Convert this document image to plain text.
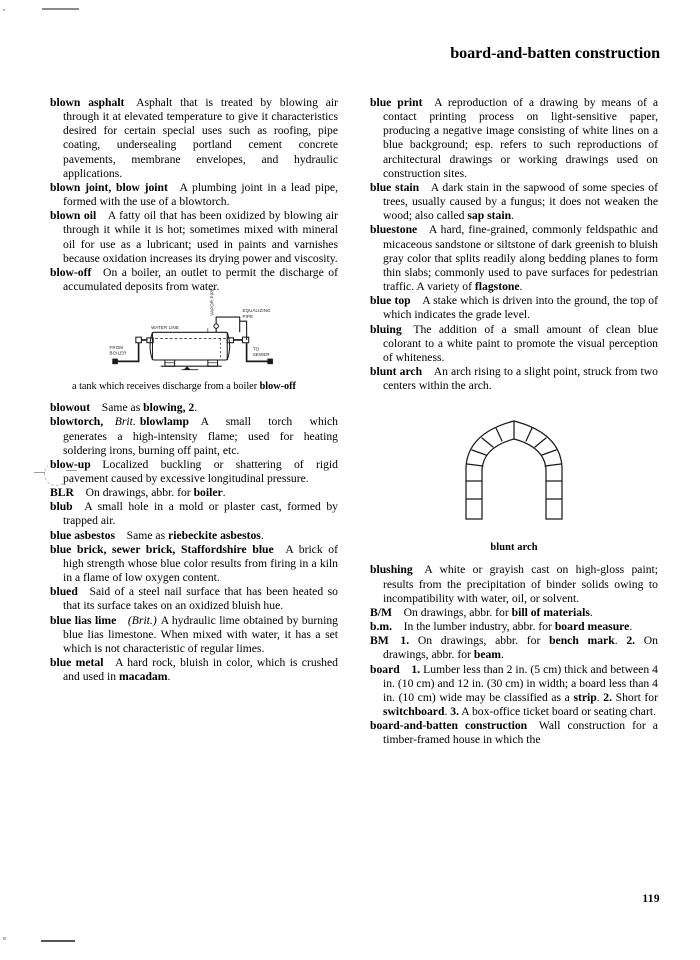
board-and-batten construction

blown asphalt Asphalt that is treated by blowing air through it at elevated temperature to give it characteristics desired for certain special uses such as roofing, pipe coating, undersealing portland cement concrete pavements, membrane envelopes, and hydraulic applications.

blown joint, blow joint A plumbing joint in a lead pipe, formed with the use of a blowtorch.

blown oil A fatty oil that has been oxidized by blowing air through it while it is hot; sometimes mixed with mineral oil for use as a lubricant; used in paints and varnishes because oxidation increases its drying power and viscosity.

blow-off On a boiler, an outlet to permit the discharge of accumulated deposits from water.

WATER LINE
VAPOR PIPE	EQUALIZING
PIPE
FROM
BOILER
TO
SEWER
a tank which receives discharge from a boiler blow-off

blowout Same as blowing, 2.

blowtorch, Brit. blowlamp A small torch which generates a high-intensity flame; used for heating soldering irons, burning off paint, etc.

blow-up Localized buckling or shattering of rigid pavement caused by excessive longitudinal pressure.

BLR On drawings, abbr. for boiler.

blub A small hole in a mold or plaster cast, formed by trapped air.

blue asbestos Same as riebeckite asbestos.

blue brick, sewer brick, Staffordshire blue A brick of high strength whose blue color results from firing in a kiln in a flame of low oxygen content.

blued Said of a steel nail surface that has been heated so that its surface takes on an oxidized bluish hue.

blue lias lime (Brit.) A hydraulic lime obtained by burning blue lias limestone. When mixed with water, it has a set which is not characteristic of regular limes.

blue metal A hard rock, bluish in color, which is crushed and used in macadam.

blue print A reproduction of a drawing by means of a contact printing process on light-sensitive paper, producing a negative image consisting of white lines on a blue background; esp. refers to such reproductions of architectural drawings or working drawings used on construction sites.

blue stain A dark stain in the sapwood of some species of trees, usually caused by a fungus; it does not weaken the wood; also called sap stain.

bluestone A hard, fine-grained, commonly feldspathic and micaceous sandstone or siltstone of dark greenish to bluish gray color that splits readily along bedding planes to form thin slabs; commonly used to pave surfaces for pedestrian traffic. A variety of flagstone.

blue top A stake which is driven into the ground, the top of which indicates the grade level.

bluing The addition of a small amount of clean blue colorant to a white paint to promote the visual perception of whiteness.

blunt arch An arch rising to a slight point, struck from two centers within the arch.

blunt arch

blushing A white or grayish cast on high-gloss paint; results from the precipitation of binder solids owing to incompatibility with water, oil, or solvent.

B/M On drawings, abbr. for bill of materials.

b.m. In the lumber industry, abbr. for board measure.

BM 1. On drawings, abbr. for bench mark. 2. On drawings, abbr. for beam.

board 1. Lumber less than 2 in. (5 cm) thick and between 4 in. (10 cm) and 12 in. (30 cm) in width; a board less than 4 in. (10 cm) wide may be classified as a strip. 2. Short for switchboard. 3. A box-office ticket board or seating chart.

board-and-batten construction Wall construction for a timber-framed house in which the

119
